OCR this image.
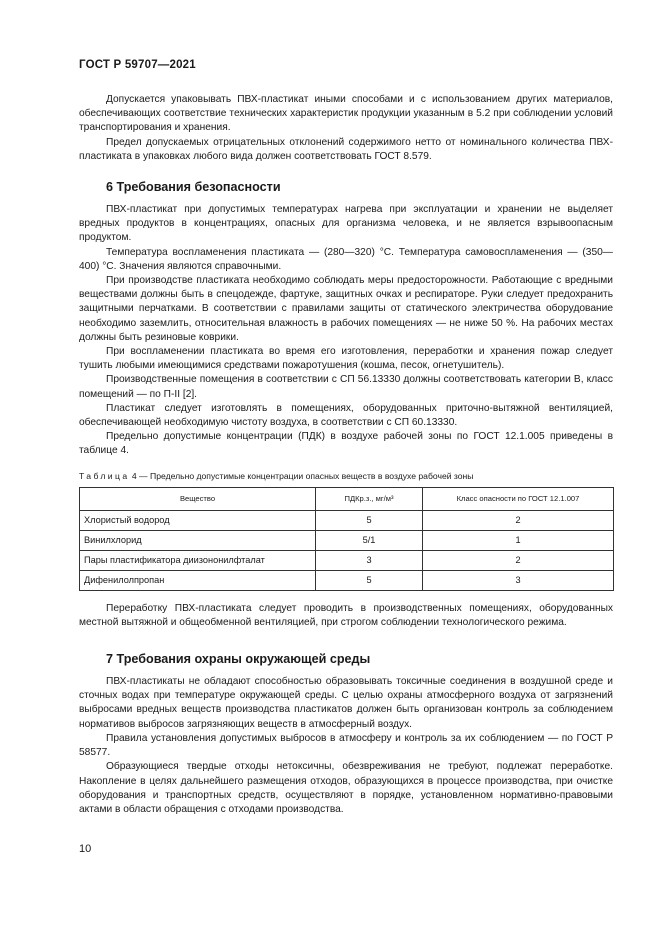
ГОСТ Р 59707—2021

Допускается упаковывать ПВХ-пластикат иными способами и с использованием других материалов, обеспечивающих соответствие технических характеристик продукции указанным в 5.2 при соблюдении условий транспортирования и хранения.

Предел допускаемых отрицательных отклонений содержимого нетто от номинального количества ПВХ-пластиката в упаковках любого вида должен соответствовать ГОСТ 8.579.

6 Требования безопасности

ПВХ-пластикат при допустимых температурах нагрева при эксплуатации и хранении не выделяет вредных продуктов в концентрациях, опасных для организма человека, и не является взрывоопасным продуктом.

Температура воспламенения пластиката — (280—320) °С. Температура самовоспламенения — (350—400) °С. Значения являются справочными.

При производстве пластиката необходимо соблюдать меры предосторожности. Работающие с вредными веществами должны быть в спецодежде, фартуке, защитных очках и респираторе. Руки следует предохранить защитными перчатками. В соответствии с правилами защиты от статического электричества оборудование необходимо заземлить, относительная влажность в рабочих помещениях — не ниже 50 %. На рабочих местах должны быть резиновые коврики.

При воспламенении пластиката во время его изготовления, переработки и хранения пожар следует тушить любыми имеющимися средствами пожаротушения (кошма, песок, огнетушитель).

Производственные помещения в соответствии с СП 56.13330 должны соответствовать категории В, класс помещений — по П-II [2].

Пластикат следует изготовлять в помещениях, оборудованных приточно-вытяжной вентиляцией, обеспечивающей необходимую чистоту воздуха, в соответствии с СП 60.13330.

Предельно допустимые концентрации (ПДК) в воздухе рабочей зоны по ГОСТ 12.1.005 приведены в таблице 4.

Таблица 4 — Предельно допустимые концентрации опасных веществ в воздухе рабочей зоны
Вещество	ПДКр.з., мг/м³	Класс опасности по ГОСТ 12.1.007
Хлористый водород	5	2
Винилхлорид	5/1	1
Пары пластификатора диизононилфталат	3	2
Дифенилолпропан	5	3

Переработку ПВХ-пластиката следует проводить в производственных помещениях, оборудованных местной вытяжной и общеобменной вентиляцией, при строгом соблюдении технологического режима.

7 Требования охраны окружающей среды

ПВХ-пластикаты не обладают способностью образовывать токсичные соединения в воздушной среде и сточных водах при температуре окружающей среды. С целью охраны атмосферного воздуха от загрязнений выбросами вредных веществ производства пластикатов должен быть организован контроль за соблюдением нормативов выбросов загрязняющих веществ в атмосферный воздух.

Правила установления допустимых выбросов в атмосферу и контроль за их соблюдением — по ГОСТ Р 58577.

Образующиеся твердые отходы нетоксичны, обезвреживания не требуют, подлежат переработке. Накопление в целях дальнейшего размещения отходов, образующихся в процессе производства, при очистке оборудования и транспортных средств, осуществляют в порядке, установленном нормативно-правовыми актами в области обращения с отходами производства.

10
